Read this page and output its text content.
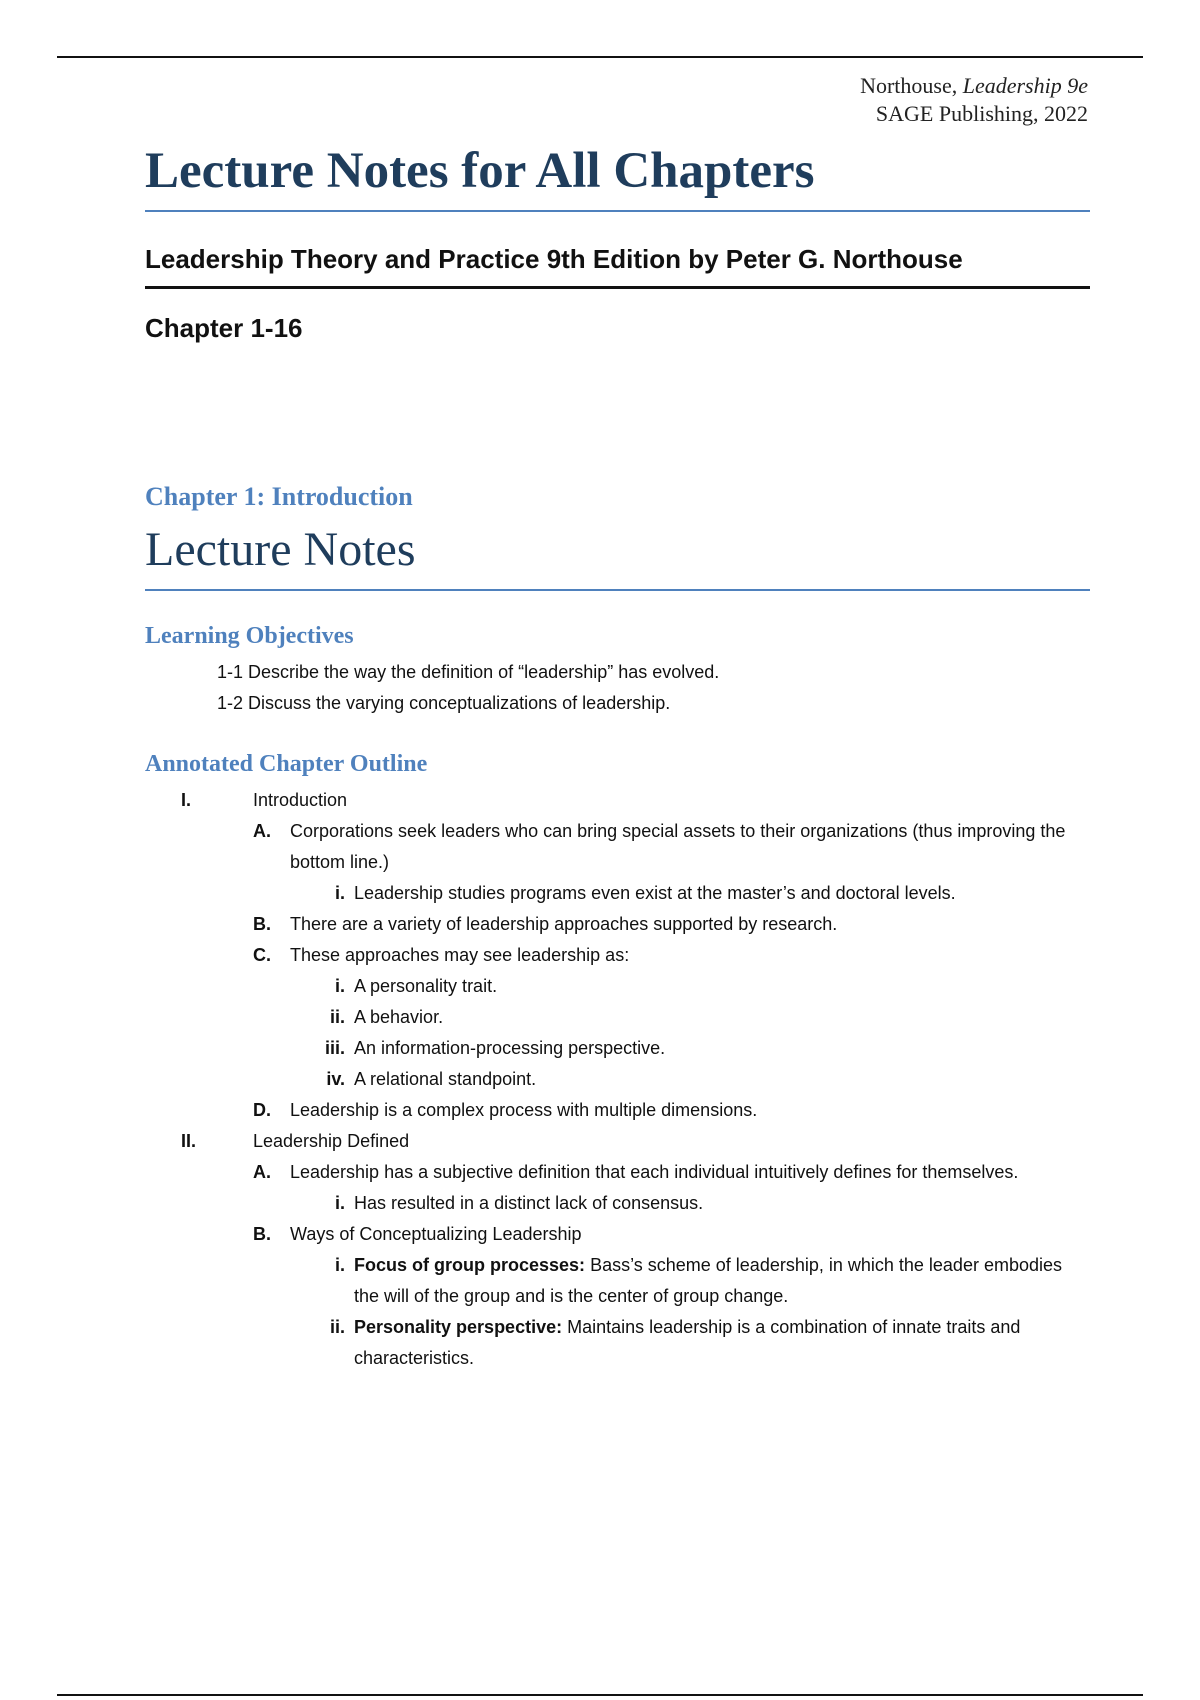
Northouse, Leadership 9e
SAGE Publishing, 2022
Lecture Notes for All Chapters
Leadership Theory and Practice 9th Edition by Peter G. Northouse
Chapter 1-16
Chapter 1: Introduction
Lecture Notes
Learning Objectives
1-1 Describe the way the definition of “leadership” has evolved.
1-2 Discuss the varying conceptualizations of leadership.
Annotated Chapter Outline
I.	Introduction
A. Corporations seek leaders who can bring special assets to their organizations (thus improving the bottom line.)
i. Leadership studies programs even exist at the master’s and doctoral levels.
B. There are a variety of leadership approaches supported by research.
C. These approaches may see leadership as:
i. A personality trait.
ii. A behavior.
iii. An information-processing perspective.
iv. A relational standpoint.
D. Leadership is a complex process with multiple dimensions.
II.	Leadership Defined
A. Leadership has a subjective definition that each individual intuitively defines for themselves.
i. Has resulted in a distinct lack of consensus.
B. Ways of Conceptualizing Leadership
i. Focus of group processes: Bass’s scheme of leadership, in which the leader embodies the will of the group and is the center of group change.
ii. Personality perspective: Maintains leadership is a combination of innate traits and characteristics.
